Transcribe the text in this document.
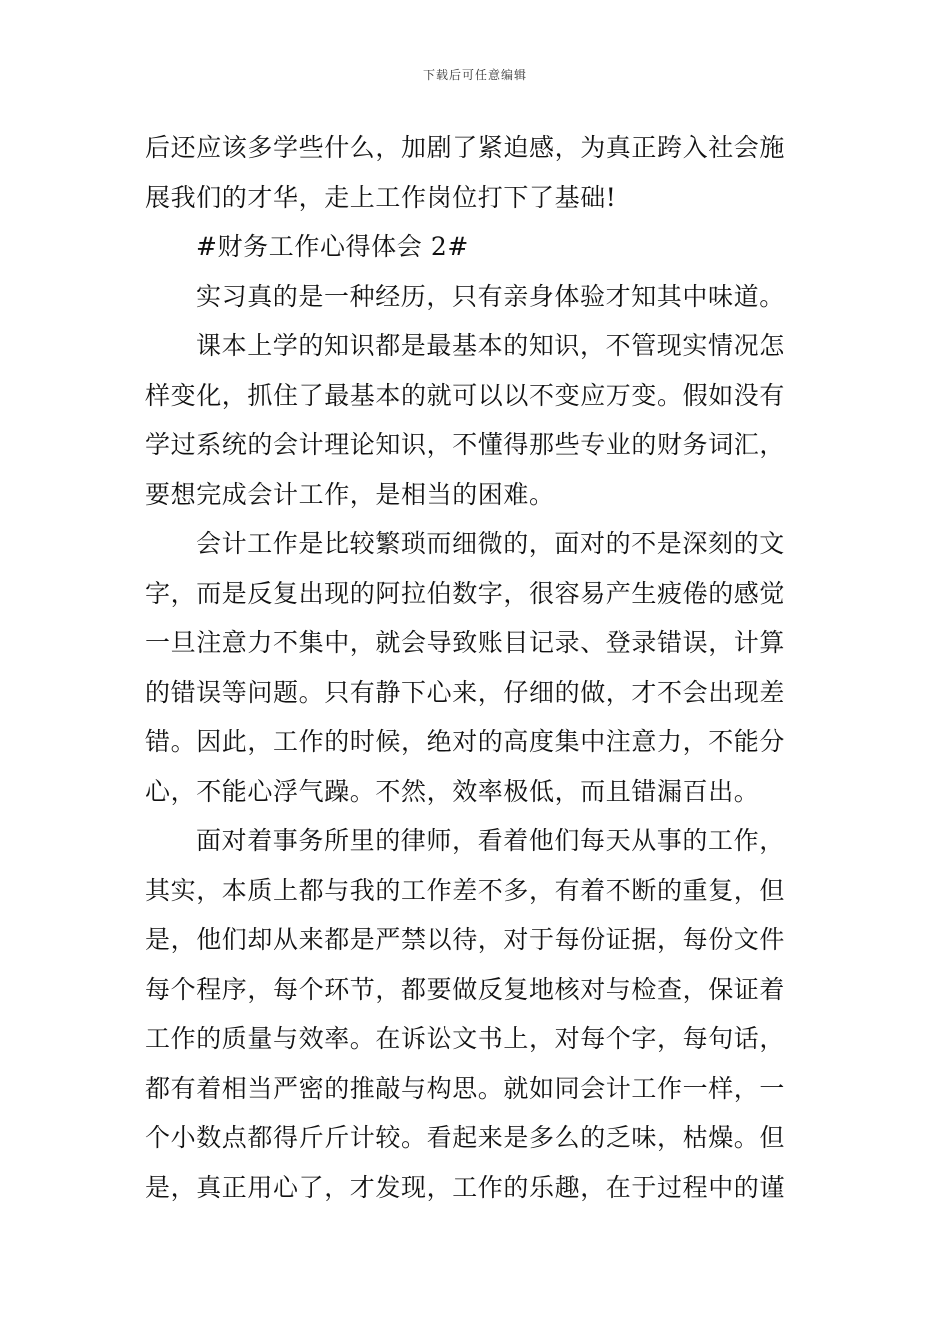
下载后可任意编辑
后还应该多学些什么，加剧了紧迫感，为真正跨入社会施
展我们的才华，走上工作岗位打下了基础!
#财务工作心得体会 2#
实习真的是一种经历，只有亲身体验才知其中味道。
课本上学的知识都是最基本的知识，不管现实情况怎
样变化，抓住了最基本的就可以以不变应万变。假如没有
学过系统的会计理论知识，不懂得那些专业的财务词汇，
要想完成会计工作，是相当的困难。
会计工作是比较繁琐而细微的，面对的不是深刻的文
字，而是反复出现的阿拉伯数字，很容易产生疲倦的感觉
一旦注意力不集中，就会导致账目记录、登录错误，计算
的错误等问题。只有静下心来，仔细的做，才不会出现差
错。因此，工作的时候，绝对的高度集中注意力，不能分
心，不能心浮气躁。不然，效率极低，而且错漏百出。
面对着事务所里的律师，看着他们每天从事的工作，
其实，本质上都与我的工作差不多，有着不断的重复，但
是，他们却从来都是严禁以待，对于每份证据，每份文件
每个程序，每个环节，都要做反复地核对与检查，保证着
工作的质量与效率。在诉讼文书上，对每个字，每句话，
都有着相当严密的推敲与构思。就如同会计工作一样，一
个小数点都得斤斤计较。看起来是多么的乏味，枯燥。但
是，真正用心了，才发现，工作的乐趣，在于过程中的谨
